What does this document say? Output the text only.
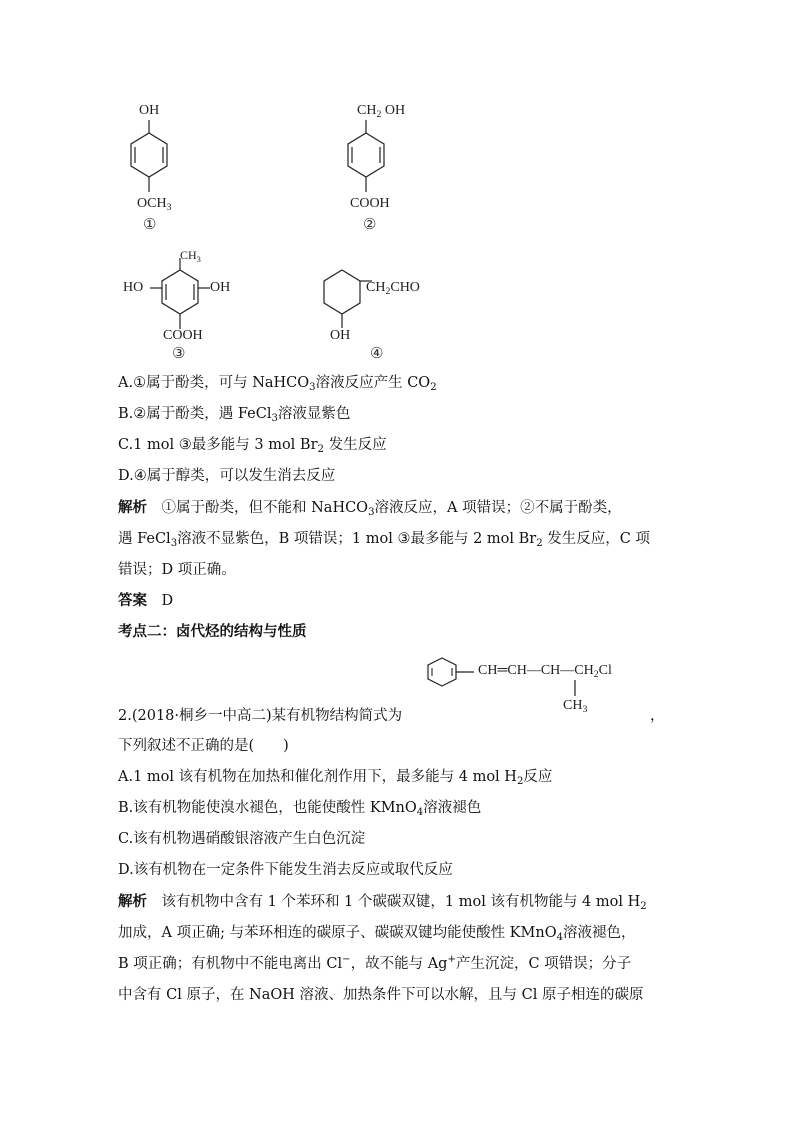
OH
$OCH_3$
①
$CH_2$ OH
COOH
②
$CH_3$
HO	OH
COOH
③
$CH_2CHO$
OH
④
A.①属于酚类，可与 NaHCO$_3$溶液反应产生 $CO_2$
B.②属于酚类，遇 FeCl$_3$溶液显紫色
C.1 mol ③最多能与 3 mol $Br_2$ 发生反应
D.④属于醇类，可以发生消去反应
解析　 ①属于酚类，但不能和 NaHCO$_3$溶液反应，A 项错误；②不属于酚类，
遇 FeCl$_3$溶液不显紫色，B 项错误；1 mol ③最多能与 2 mol $Br_2$ 发生反应，C 项
错误；D 项正确。
答案　 D
考点二：卤代烃的结构与性质
$CH═CH—CH—CH_2Cl$
$CH_3$
2.(2018·桐乡一中高二)某有机物结构简式为	，
下列叙述不正确的是(　　)
A.1 mol 该有机物在加热和催化剂作用下，最多能与 4 mol $H_2$反应
B.该有机物能使溴水褪色，也能使酸性 KMnO$_4$溶液褪色
C.该有机物遇硝酸银溶液产生白色沉淀
D.该有机物在一定条件下能发生消去反应或取代反应
解析　 该有机物中含有 1 个苯环和 1 个碳碳双键，1 mol 该有机物能与 4 mol $H_2$
加成，A 项正确; 与苯环相连的碳原子、碳碳双键均能使酸性 KMnO$_4$溶液褪色，
B 项正确；有机物中不能电离出 Cl−，故不能与 Ag+产生沉淀，C 项错误；分子
中含有 Cl 原子，在 NaOH 溶液、加热条件下可以水解，且与 Cl 原子相连的碳原
